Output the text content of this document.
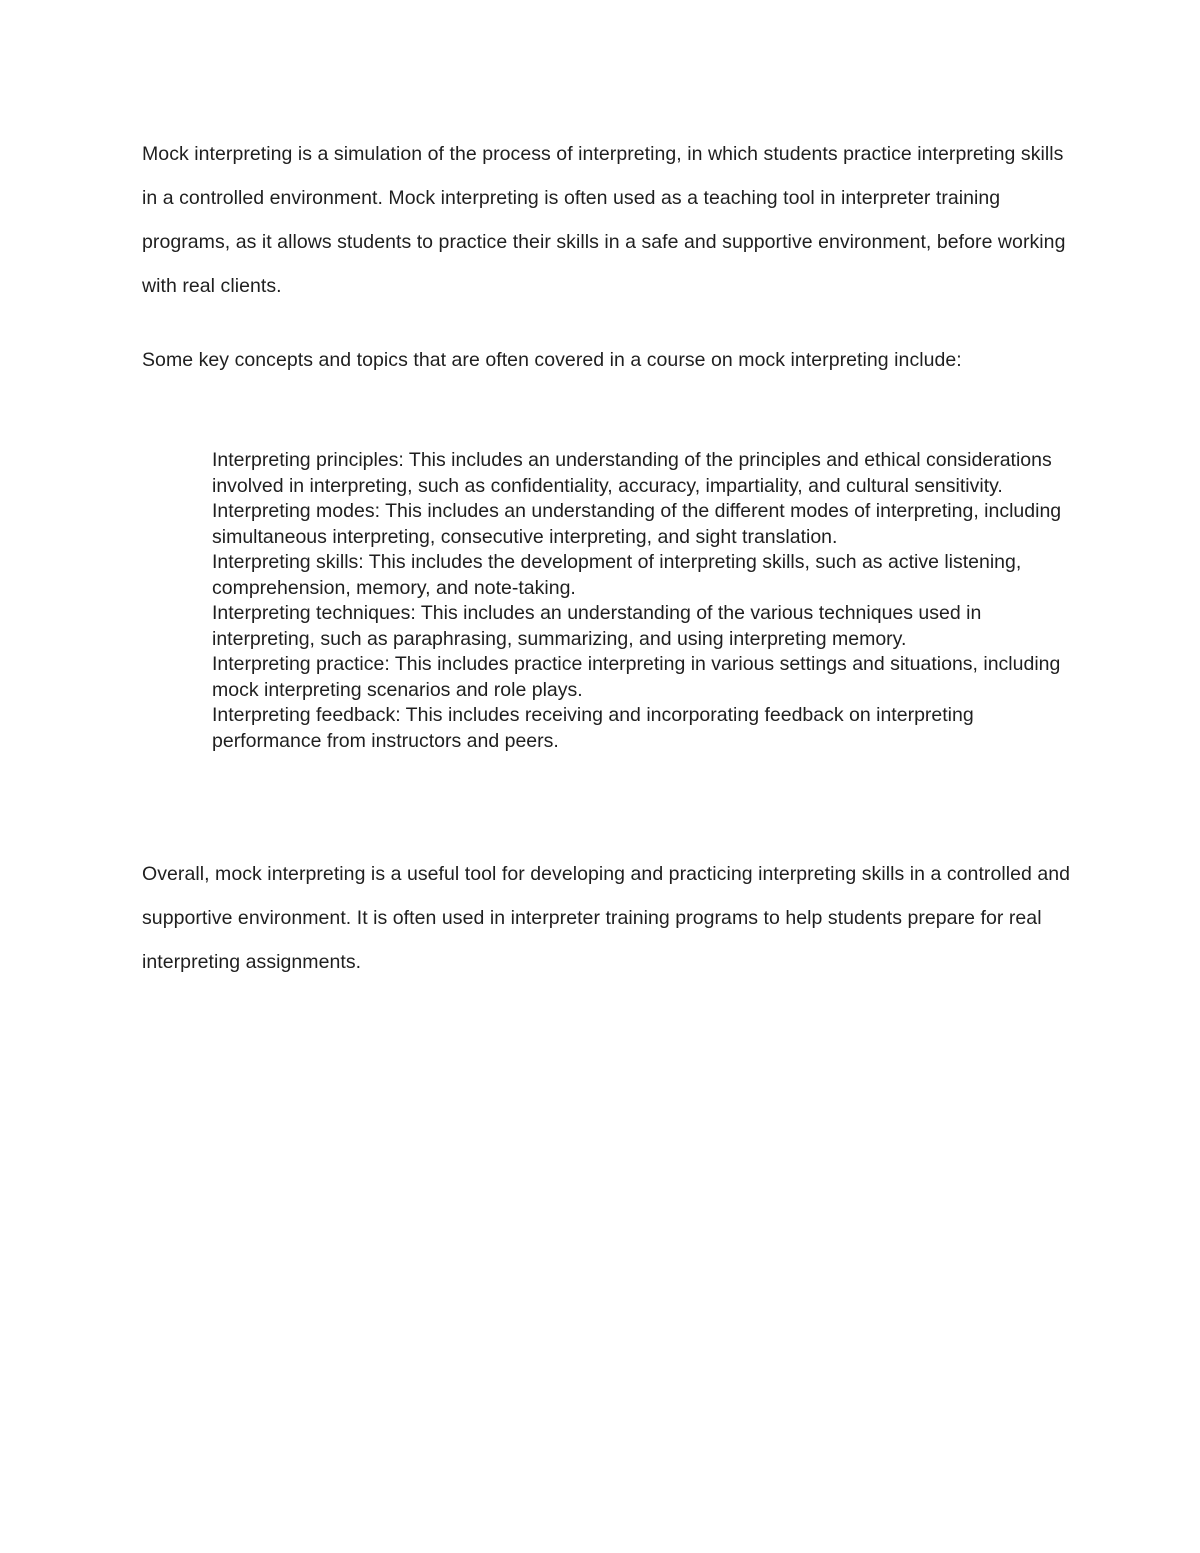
Mock interpreting is a simulation of the process of interpreting, in which students practice interpreting skills in a controlled environment. Mock interpreting is often used as a teaching tool in interpreter training programs, as it allows students to practice their skills in a safe and supportive environment, before working with real clients.

Some key concepts and topics that are often covered in a course on mock interpreting include:

Interpreting principles: This includes an understanding of the principles and ethical considerations involved in interpreting, such as confidentiality, accuracy, impartiality, and cultural sensitivity.
Interpreting modes: This includes an understanding of the different modes of interpreting, including simultaneous interpreting, consecutive interpreting, and sight translation.
Interpreting skills: This includes the development of interpreting skills, such as active listening, comprehension, memory, and note-taking.
Interpreting techniques: This includes an understanding of the various techniques used in interpreting, such as paraphrasing, summarizing, and using interpreting memory.
Interpreting practice: This includes practice interpreting in various settings and situations, including mock interpreting scenarios and role plays.
Interpreting feedback: This includes receiving and incorporating feedback on interpreting performance from instructors and peers.

Overall, mock interpreting is a useful tool for developing and practicing interpreting skills in a controlled and supportive environment. It is often used in interpreter training programs to help students prepare for real interpreting assignments.
